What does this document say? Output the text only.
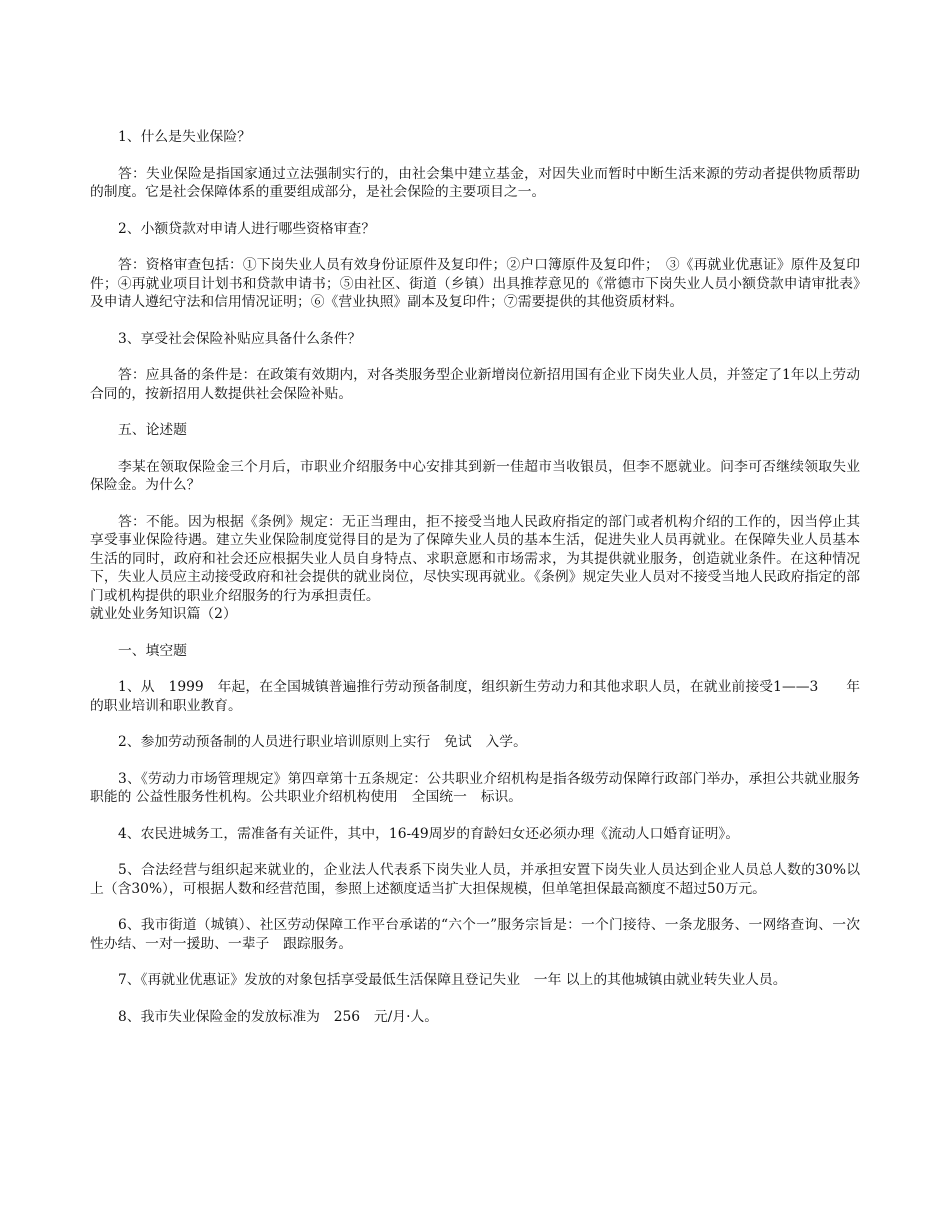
1、什么是失业保险？

答：失业保险是指国家通过立法强制实行的，由社会集中建立基金，对因失业而暂时中断生活来源的劳动者提供物质帮助的制度。它是社会保障体系的重要组成部分，是社会保险的主要项目之一。

2、小额贷款对申请人进行哪些资格审查？

答：资格审查包括：①下岗失业人员有效身份证原件及复印件；②户口簿原件及复印件；　③《再就业优惠证》原件及复印件；④再就业项目计划书和贷款申请书；⑤由社区、街道（乡镇）出具推荐意见的《常德市下岗失业人员小额贷款申请审批表》及申请人遵纪守法和信用情况证明；⑥《营业执照》副本及复印件；⑦需要提供的其他资质材料。

3、享受社会保险补贴应具备什么条件？

答：应具备的条件是：在政策有效期内，对各类服务型企业新增岗位新招用国有企业下岗失业人员，并签定了1年以上劳动合同的，按新招用人数提供社会保险补贴。

五、论述题

李某在领取保险金三个月后，市职业介绍服务中心安排其到新一佳超市当收银员，但李不愿就业。问李可否继续领取失业保险金。为什么？

答：不能。因为根据《条例》规定：无正当理由，拒不接受当地人民政府指定的部门或者机构介绍的工作的，因当停止其享受事业保险待遇。建立失业保险制度觉得目的是为了保障失业人员的基本生活，促进失业人员再就业。在保障失业人员基本生活的同时，政府和社会还应根据失业人员自身特点、求职意愿和市场需求，为其提供就业服务，创造就业条件。在这种情况下，失业人员应主动接受政府和社会提供的就业岗位，尽快实现再就业。《条例》规定失业人员对不接受当地人民政府指定的部门或机构提供的职业介绍服务的行为承担责任。

就业处业务知识篇（2）

一、填空题

1、从　1999　年起，在全国城镇普遍推行劳动预备制度，组织新生劳动力和其他求职人员，在就业前接受1——3　　年的职业培训和职业教育。

2、参加劳动预备制的人员进行职业培训原则上实行　免试　入学。

3、《劳动力市场管理规定》第四章第十五条规定：公共职业介绍机构是指各级劳动保障行政部门举办，承担公共就业服务职能的 公益性服务性机构。公共职业介绍机构使用　全国统一　标识。

4、农民进城务工，需准备有关证件，其中，16-49周岁的育龄妇女还必须办理《流动人口婚育证明》。

5、合法经营与组织起来就业的，企业法人代表系下岗失业人员，并承担安置下岗失业人员达到企业人员总人数的30%以上（含30%），可根据人数和经营范围，参照上述额度适当扩大担保规模，但单笔担保最高额度不超过50万元。

6、我市街道（城镇）、社区劳动保障工作平台承诺的“六个一”服务宗旨是：一个门接待、一条龙服务、一网络查询、一次性办结、一对一援助、一辈子　跟踪服务。

7、《再就业优惠证》发放的对象包括享受最低生活保障且登记失业　一年 以上的其他城镇由就业转失业人员。

8、我市失业保险金的发放标准为　256　元/月·人。
